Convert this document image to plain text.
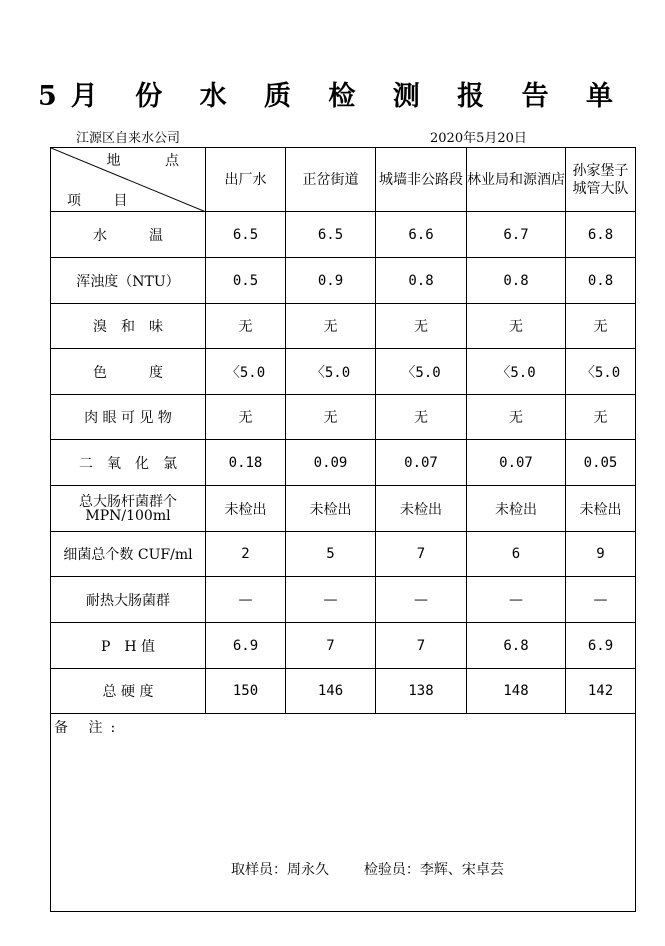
5月 份 水 质 检 测 报 告 单
江源区自来水公司	2020年5月20日
地 点
项 目	出厂水	正岔街道	城墙非公路段	林业局和源酒店	孙家堡子城管大队
水　　　温	6.5	6.5	6.6	6.7	6.8
浑浊度（NTU）	0.5	0.9	0.8	0.8	0.8
溴　和　味	无	无	无	无	无
色　　　度	〈5.0	〈5.0	〈5.0	〈5.0	〈5.0
肉 眼 可 见 物	无	无	无	无	无
二　氧　化　氯	0.18	0.09	0.07	0.07	0.05
总大肠杆菌群个MPN/100ml	未检出	未检出	未检出	未检出	未检出
细菌总个数 CUF/ml	2	5	7	6	9
耐热大肠菌群	—	—	—	—	—
P　H 值	6.9	7	7	6.8	6.9
总 硬 度	150	146	138	148	142

备 注:
取样员：周永久 检验员：李辉、宋卓芸					
